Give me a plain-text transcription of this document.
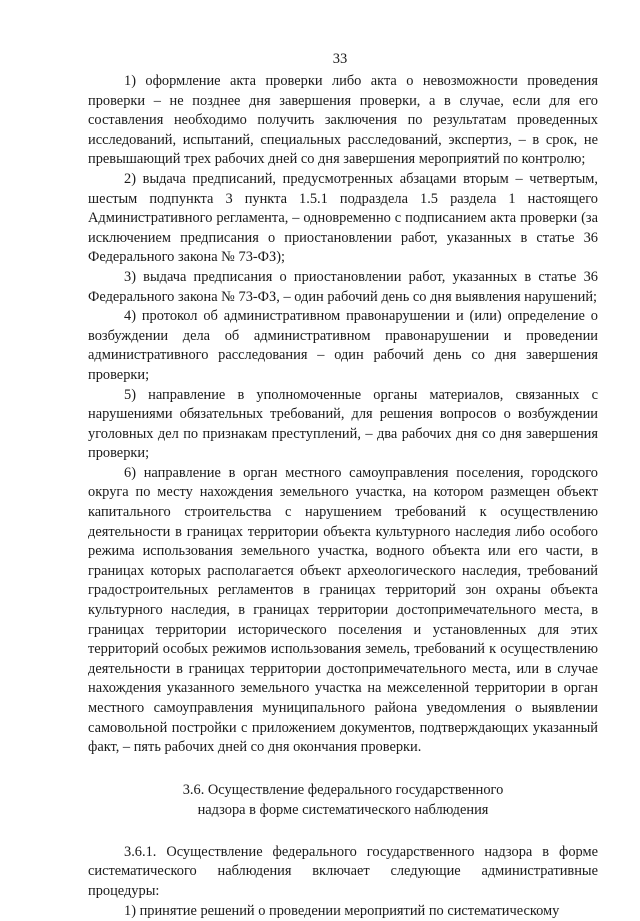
33

1) оформление акта проверки либо акта о невозможности проведения проверки – не позднее дня завершения проверки, а в случае, если для его составления необходимо получить заключения по результатам проведенных исследований, испытаний, специальных расследований, экспертиз, – в срок, не превышающий трех рабочих дней со дня завершения мероприятий по контролю;

2) выдача предписаний, предусмотренных абзацами вторым – четвертым, шестым подпункта 3 пункта 1.5.1 подраздела 1.5 раздела 1 настоящего Административного регламента, – одновременно с подписанием акта проверки (за исключением предписания о приостановлении работ, указанных в статье 36 Федерального закона № 73-ФЗ);

3) выдача предписания о приостановлении работ, указанных в статье 36 Федерального закона № 73-ФЗ, – один рабочий день со дня выявления нарушений;

4) протокол об административном правонарушении и (или) определение о возбуждении дела об административном правонарушении и проведении административного расследования – один рабочий день со дня завершения проверки;

5) направление в уполномоченные органы материалов, связанных с нарушениями обязательных требований, для решения вопросов о возбуждении уголовных дел по признакам преступлений, – два рабочих дня со дня завершения проверки;

6) направление в орган местного самоуправления поселения, городского округа по месту нахождения земельного участка, на котором размещен объект капитального строительства с нарушением требований к осуществлению деятельности в границах территории объекта культурного наследия либо особого режима использования земельного участка, водного объекта или его части, в границах которых располагается объект археологического наследия, требований градостроительных регламентов в границах территорий зон охраны объекта культурного наследия, в границах территории достопримечательного места, в границах территории исторического поселения и установленных для этих территорий особых режимов использования земель, требований к осуществлению деятельности в границах территории достопримечательного места, или в случае нахождения указанного земельного участка на межселенной территории в орган местного самоуправления муниципального района уведомления о выявлении самовольной постройки с приложением документов, подтверждающих указанный факт, – пять рабочих дней со дня окончания проверки.

3.6. Осуществление федерального государственного
надзора в форме систематического наблюдения

3.6.1. Осуществление федерального государственного надзора в форме систематического наблюдения включает следующие административные процедуры:

1) принятие решений о проведении мероприятий по систематическому
